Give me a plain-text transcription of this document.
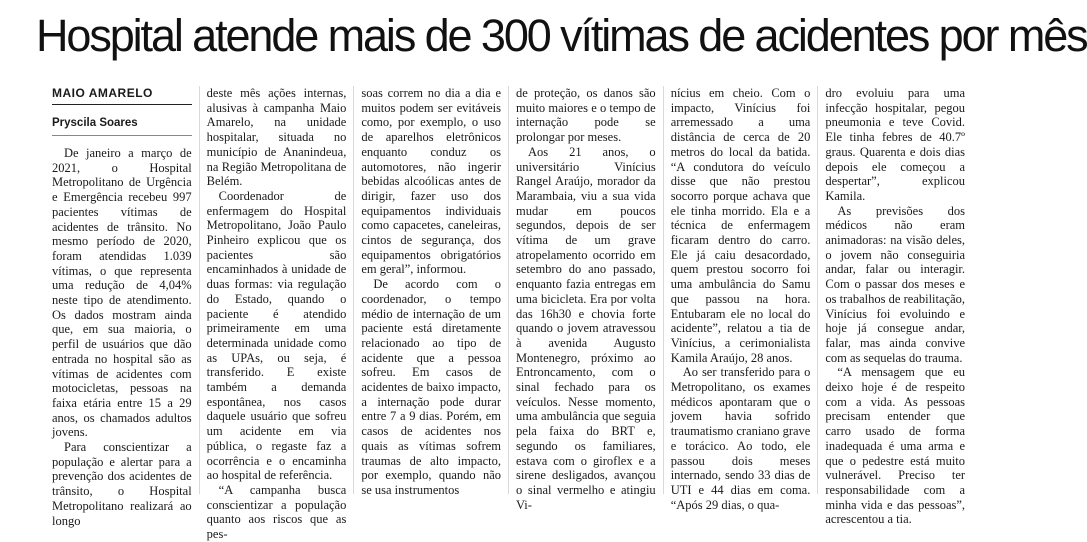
Hospital atende mais de 300 vítimas de acidentes por mês
MAIO AMARELO
Pryscila Soares

De janeiro a março de 2021, o Hospital Metropolitano de Urgência e Emergência recebeu 997 pacientes vítimas de acidentes de trânsito. No mesmo período de 2020, foram atendidas 1.039 vítimas, o que representa uma redução de 4,04% neste tipo de atendimento. Os dados mostram ainda que, em sua maioria, o perfil de usuários que dão entrada no hospital são as vítimas de acidentes com motocicletas, pessoas na faixa etária entre 15 a 29 anos, os chamados adultos jovens.

Para conscientizar a população e alertar para a prevenção dos acidentes de trânsito, o Hospital Metropolitano realizará ao longo

deste mês ações internas, alusivas à campanha Maio Amarelo, na unidade hospitalar, situada no município de Ananindeua, na Região Metropolitana de Belém.

Coordenador de enfermagem do Hospital Metropolitano, João Paulo Pinheiro explicou que os pacientes são encaminhados à unidade de duas formas: via regulação do Estado, quando o paciente é atendido primeiramente em uma determinada unidade como as UPAs, ou seja, é transferido. E existe também a demanda espontânea, nos casos daquele usuário que sofreu um acidente em via pública, o regaste faz a ocorrência e o encaminha ao hospital de referência.

“A campanha busca conscientizar a população quanto aos riscos que as pes-

soas correm no dia a dia e muitos podem ser evitáveis como, por exemplo, o uso de aparelhos eletrônicos enquanto conduz os automotores, não ingerir bebidas alcoólicas antes de dirigir, fazer uso dos equipamentos individuais como capacetes, caneleiras, cintos de segurança, dos equipamentos obrigatórios em geral”, informou.

De acordo com o coordenador, o tempo médio de internação de um paciente está diretamente relacionado ao tipo de acidente que a pessoa sofreu. Em casos de acidentes de baixo impacto, a internação pode durar entre 7 a 9 dias. Porém, em casos de acidentes nos quais as vítimas sofrem traumas de alto impacto, por exemplo, quando não se usa instrumentos

de proteção, os danos são muito maiores e o tempo de internação pode se prolongar por meses.

Aos 21 anos, o universitário Vinícius Rangel Araújo, morador da Marambaia, viu a sua vida mudar em poucos segundos, depois de ser vítima de um grave atropelamento ocorrido em setembro do ano passado, enquanto fazia entregas em uma bicicleta. Era por volta das 16h30 e chovia forte quando o jovem atravessou à avenida Augusto Montenegro, próximo ao Entroncamento, com o sinal fechado para os veículos. Nesse momento, uma ambulância que seguia pela faixa do BRT e, segundo os familiares, estava com o giroflex e a sirene desligados, avançou o sinal vermelho e atingiu Vi-

nícius em cheio. Com o impacto, Vinícius foi arremessado a uma distância de cerca de 20 metros do local da batida. “A condutora do veículo disse que não prestou socorro porque achava que ele tinha morrido. Ela e a técnica de enfermagem ficaram dentro do carro. Ele já caiu desacordado, quem prestou socorro foi uma ambulância do Samu que passou na hora. Entubaram ele no local do acidente”, relatou a tia de Vinícius, a cerimonialista Kamila Araújo, 28 anos.

Ao ser transferido para o Metropolitano, os exames médicos apontaram que o jovem havia sofrido traumatismo craniano grave e torácico. Ao todo, ele passou dois meses internado, sendo 33 dias de UTI e 44 dias em coma. “Após 29 dias, o qua-

dro evoluiu para uma infecção hospitalar, pegou pneumonia e teve Covid. Ele tinha febres de 40.7º graus. Quarenta e dois dias depois ele começou a despertar”, explicou Kamila.

As previsões dos médicos não eram animadoras: na visão deles, o jovem não conseguiria andar, falar ou interagir. Com o passar dos meses e os trabalhos de reabilitação, Vinícius foi evoluindo e hoje já consegue andar, falar, mas ainda convive com as sequelas do trauma.

“A mensagem que eu deixo hoje é de respeito com a vida. As pessoas precisam entender que carro usado de forma inadequada é uma arma e que o pedestre está muito vulnerável. Preciso ter responsabilidade com a minha vida e das pessoas”, acrescentou a tia.
